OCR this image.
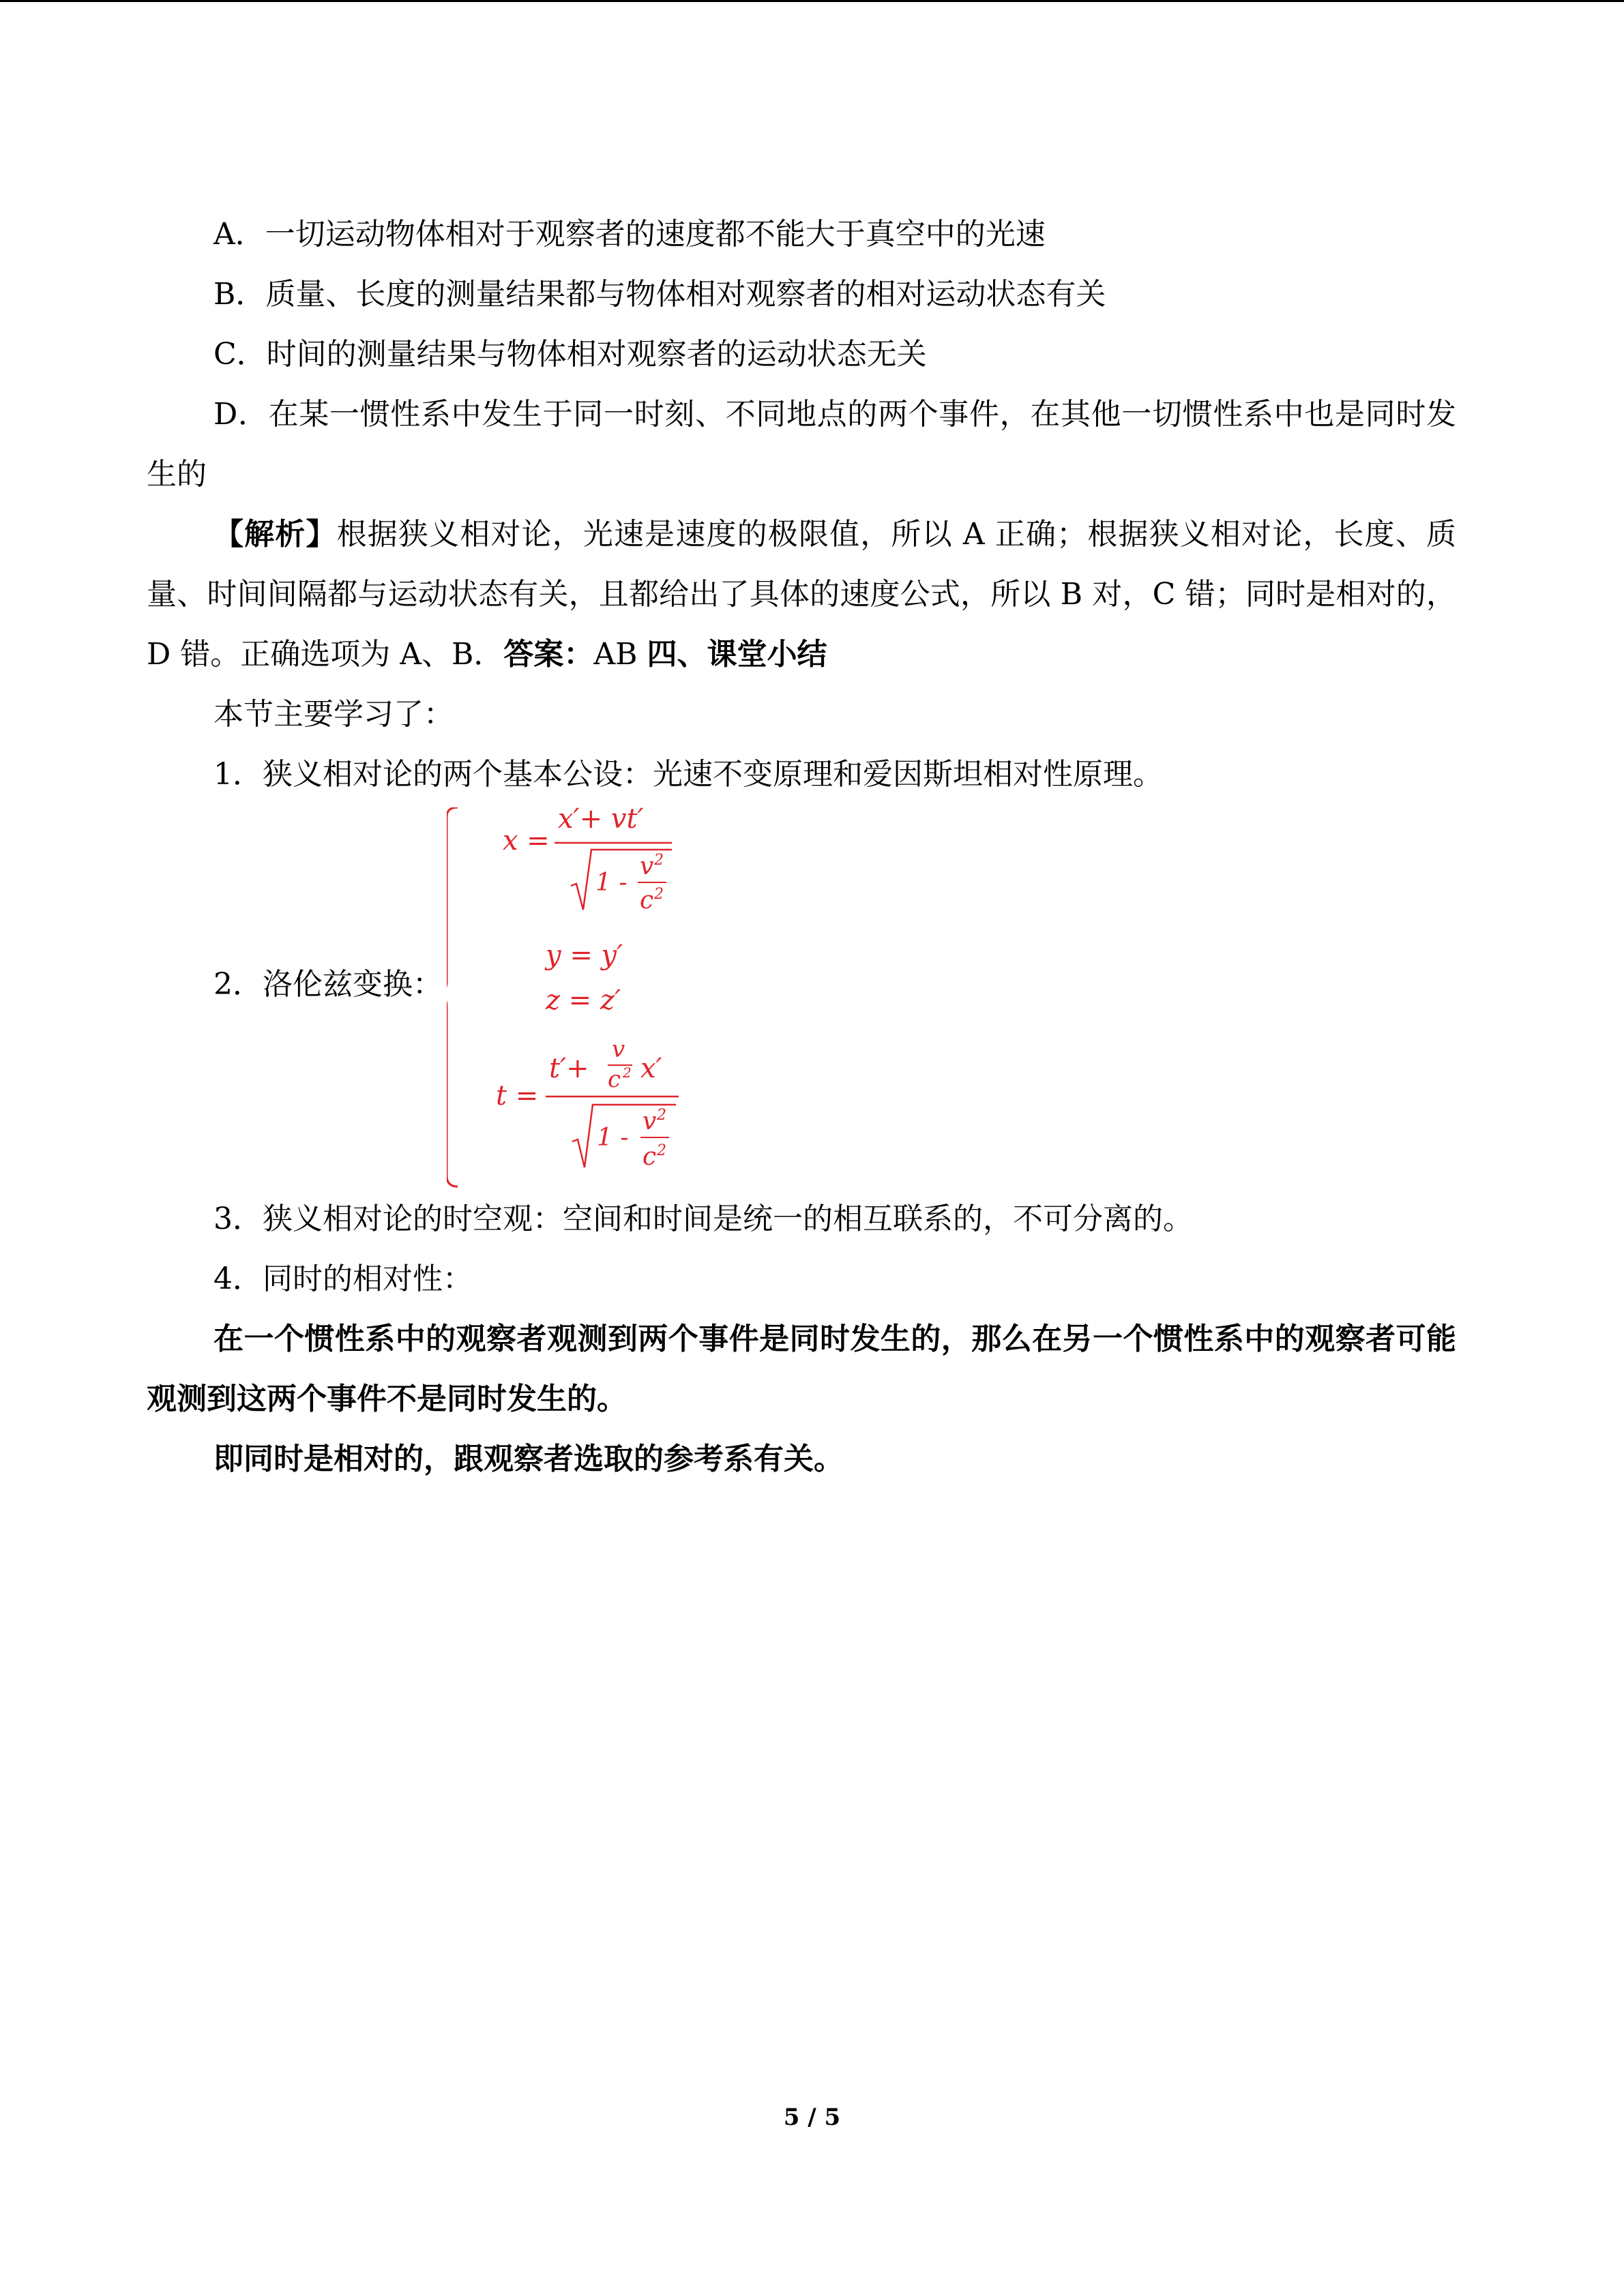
A．一切运动物体相对于观察者的速度都不能大于真空中的光速

B．质量、长度的测量结果都与物体相对观察者的相对运动状态有关

C．时间的测量结果与物体相对观察者的运动状态无关

D．在某一惯性系中发生于同一时刻、不同地点的两个事件，在其他一切惯性系中也是同时发生的

【解析】根据狭义相对论，光速是速度的极限值，所以 A 正确；根据狭义相对论，长度、质量、时间间隔都与运动状态有关，且都给出了具体的速度公式，所以 B 对，C 错；同时是相对的，D 错。正确选项为 A、B．答案：AB 四、课堂小结

本节主要学习了：

1．狭义相对论的两个基本公设：光速不变原理和爱因斯坦相对性原理。

2．洛伦兹变换：
x =
x′+ vt′
1 -
v 2
c 2
y = y′
z = z′
t =
t′+
v
c 2 x′
1 -
v 2
c 2

3．狭义相对论的时空观：空间和时间是统一的相互联系的，不可分离的。

4．同时的相对性：

在一个惯性系中的观察者观测到两个事件是同时发生的，那么在另一个惯性系中的观察者可能观测到这两个事件不是同时发生的。

即同时是相对的，跟观察者选取的参考系有关。

5 / 5
